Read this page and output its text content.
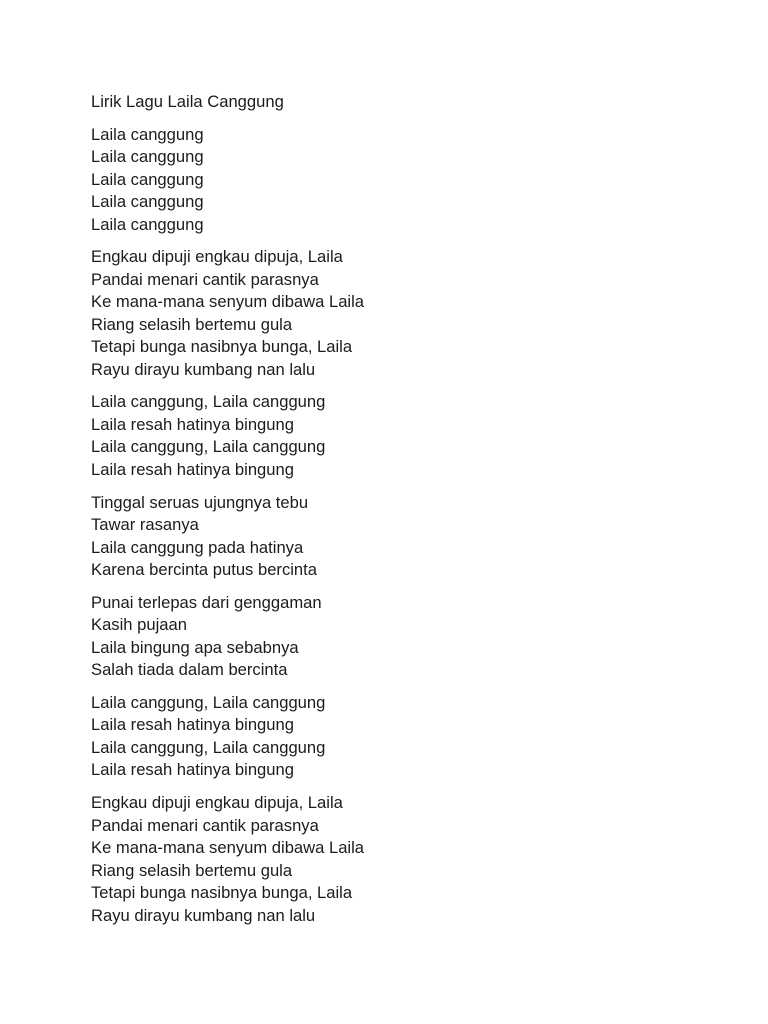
Lirik Lagu Laila Canggung

Laila canggung
Laila canggung
Laila canggung
Laila canggung
Laila canggung
Engkau dipuji engkau dipuja, Laila
Pandai menari cantik parasnya
Ke mana-mana senyum dibawa Laila
Riang selasih bertemu gula
Tetapi bunga nasibnya bunga, Laila
Rayu dirayu kumbang nan lalu
Laila canggung, Laila canggung
Laila resah hatinya bingung
Laila canggung, Laila canggung
Laila resah hatinya bingung
Tinggal seruas ujungnya tebu
Tawar rasanya
Laila canggung pada hatinya
Karena bercinta putus bercinta
Punai terlepas dari genggaman
Kasih pujaan
Laila bingung apa sebabnya
Salah tiada dalam bercinta
Laila canggung, Laila canggung
Laila resah hatinya bingung
Laila canggung, Laila canggung
Laila resah hatinya bingung
Engkau dipuji engkau dipuja, Laila
Pandai menari cantik parasnya
Ke mana-mana senyum dibawa Laila
Riang selasih bertemu gula
Tetapi bunga nasibnya bunga, Laila
Rayu dirayu kumbang nan lalu
